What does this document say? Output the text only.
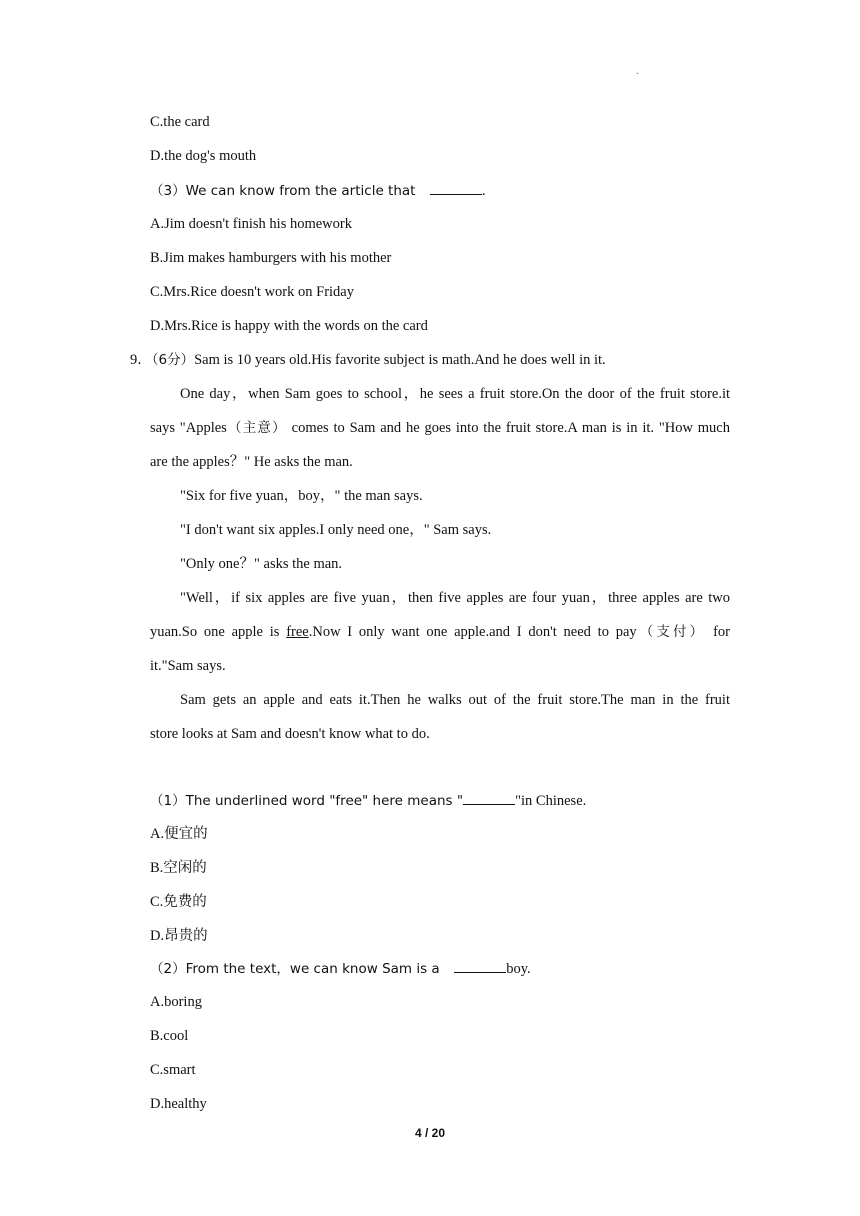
.
C.the card
D.the dog's mouth
（3）We can know from the article that	.
A.Jim doesn't finish his homework
B.Jim makes hamburgers with his mother
C.Mrs.Rice doesn't work on Friday
D.Mrs.Rice is happy with the words on the card
9．（6分）Sam is 10 years old.His favorite subject is math.And he does well in it.
One day，when Sam goes to school，he sees a fruit store.On the door of the fruit store.it
says "Apples（主意） comes to Sam and he goes into the fruit store.A man is in it. "How much
are the apples？" He asks the man.
"Six for five yuan，boy，" the man says.
"I don't want six apples.I only need one，" Sam says.
"Only one？" asks the man.
"Well，if six apples are five yuan，then five apples are four yuan，three apples are two
yuan.So one apple is free.Now I only want one apple.and I don't need to pay（支付） for
it."Sam says.
Sam gets an apple and eats it.Then he walks out of the fruit store.The man in the fruit
store looks at Sam and doesn't know what to do.
（1）The underlined word "free" here means "	"in Chinese.
A.便宜的
B.空闲的
C.免费的
D.昂贵的
（2）From the text，we can know Sam is a	boy.
A.boring
B.cool
C.smart
D.healthy
4 / 20
